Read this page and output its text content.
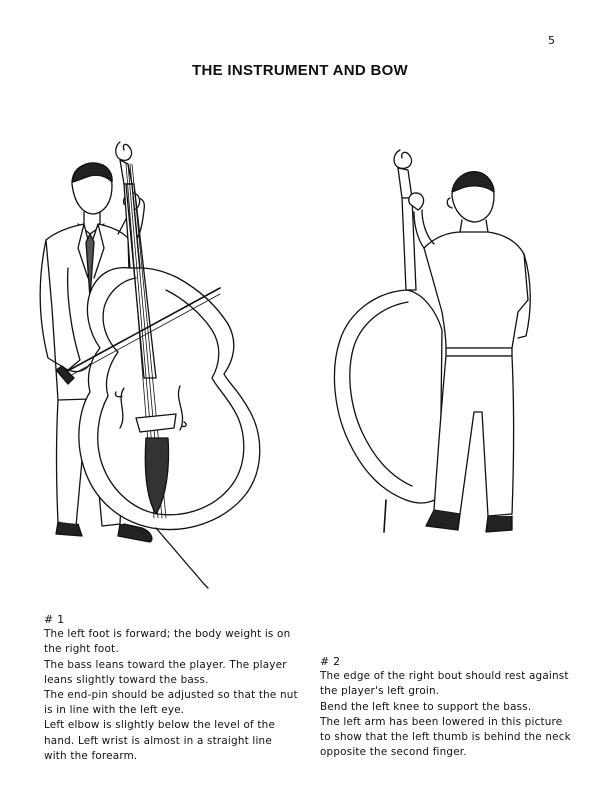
5
THE INSTRUMENT AND BOW
# 1
The left foot is forward; the body weight is on
the right foot.
The bass leans toward the player. The player
leans slightly toward the bass.
The end-pin should be adjusted so that the nut
is in line with the left eye.
Left elbow is slightly below the level of the
hand. Left wrist is almost in a straight line
with the forearm.
# 2
The edge of the right bout should rest against
the player's left groin.
Bend the left knee to support the bass.
The left arm has been lowered in this picture
to show that the left thumb is behind the neck
opposite the second finger.
